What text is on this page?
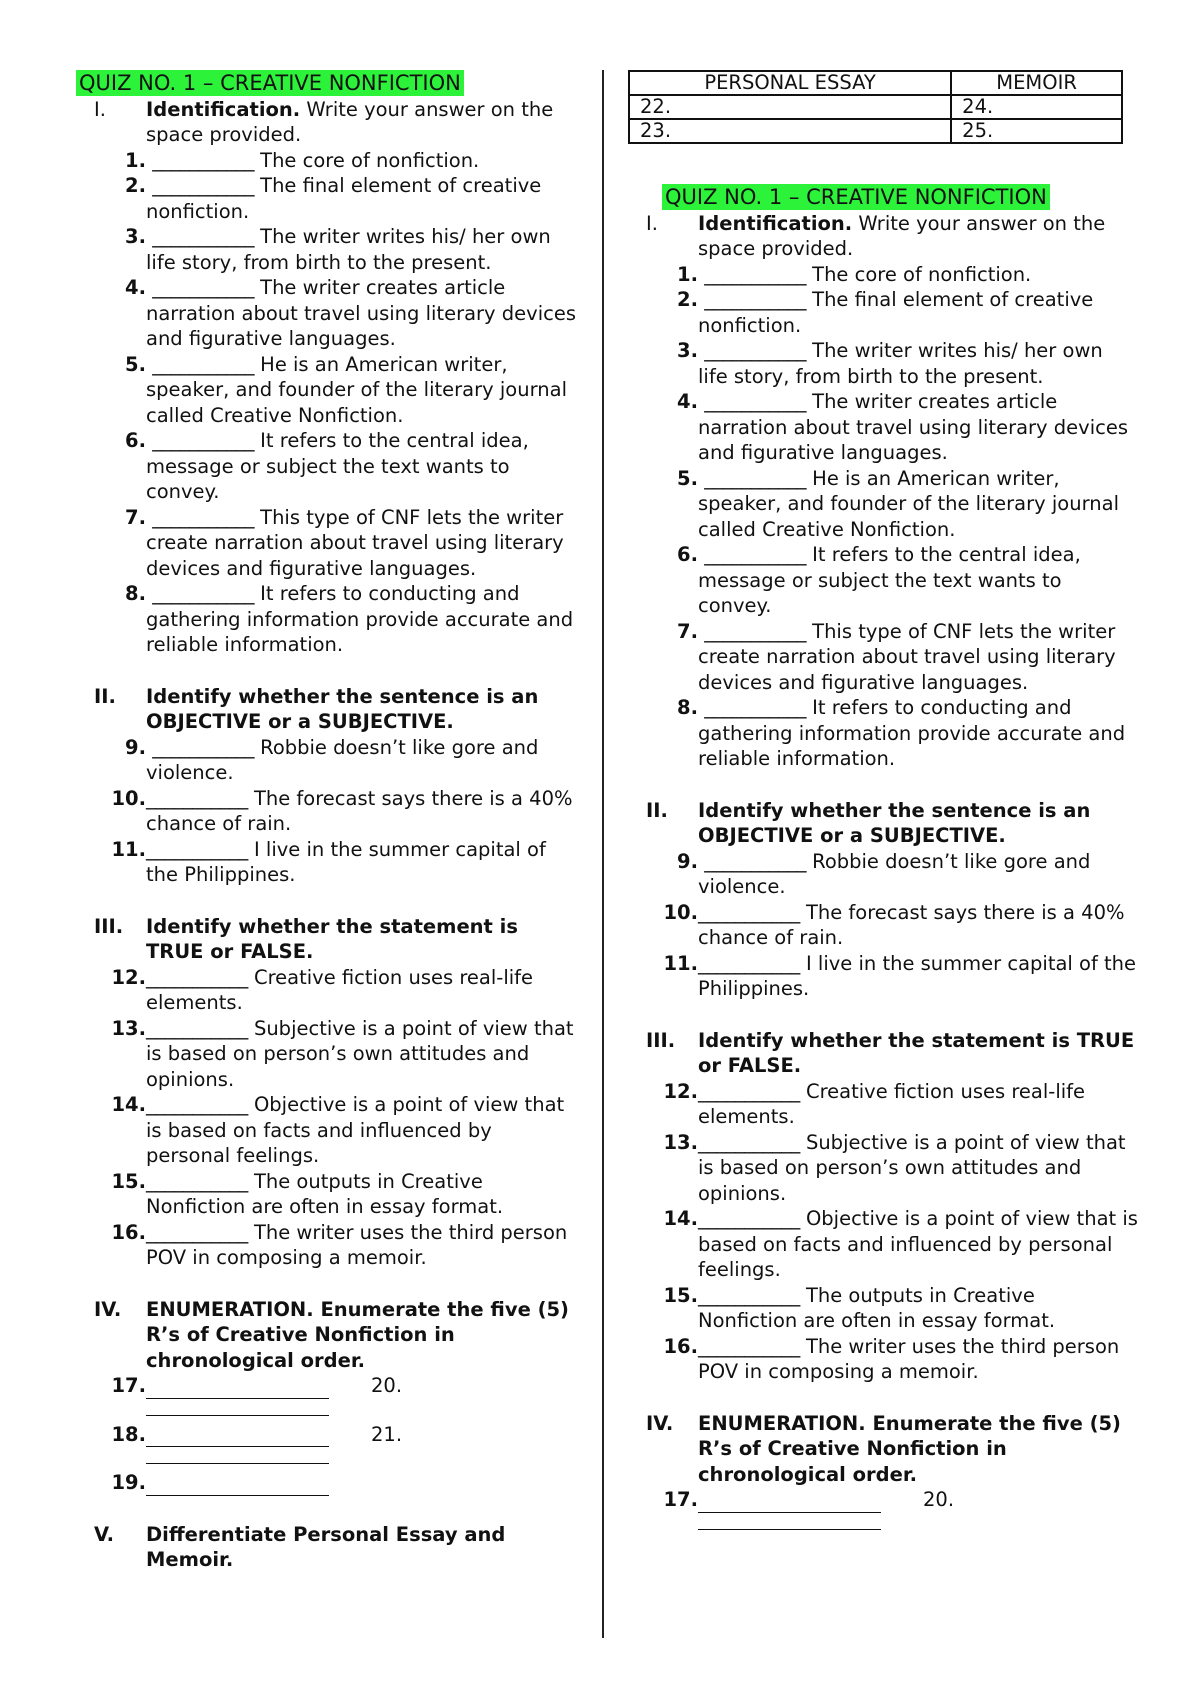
QUIZ NO. 1 – CREATIVE NONFICTION
I.	Identification. Write your answer on the space provided.
1. ___________ The core of nonfiction.
2. ___________ The final element of creative nonfiction.
3. ___________ The writer writes his/ her own life story, from birth to the present.
4. ___________ The writer creates article narration about travel using literary devices and figurative languages.
5. ___________ He is an American writer, speaker, and founder of the literary journal called Creative Nonfiction.
6. ___________ It refers to the central idea, message or subject the text wants to convey.
7. ___________ This type of CNF lets the writer create narration about travel using literary devices and figurative languages.
8. ___________ It refers to conducting and gathering information provide accurate and reliable information.
II.	Identify whether the sentence is an OBJECTIVE or a SUBJECTIVE.
9. ___________ Robbie doesn’t like gore and violence.
10. ___________ The forecast says there is a 40% chance of rain.
11. ___________ I live in the summer capital of the Philippines.
III.	Identify whether the statement is TRUE or FALSE.
12. ___________ Creative fiction uses real-life elements.
13. ___________ Subjective is a point of view that is based on person’s own attitudes and opinions.
14. ___________ Objective is a point of view that is based on facts and influenced by personal feelings.
15. ___________ The outputs in Creative Nonfiction are often in essay format.
16. ___________ The writer uses the third person POV in composing a memoir.
IV.	ENUMERATION. Enumerate the five (5) R’s of Creative Nonfiction in chronological order.
17.	20.
18.	21.
19.
V.	Differentiate Personal Essay and Memoir.
PERSONAL ESSAY	MEMOIR
22.	24.
23.	25.
QUIZ NO. 1 – CREATIVE NONFICTION
I.	Identification. Write your answer on the space provided.
1. ___________ The core of nonfiction.
2. ___________ The final element of creative nonfiction.
3. ___________ The writer writes his/ her own life story, from birth to the present.
4. ___________ The writer creates article narration about travel using literary devices and figurative languages.
5. ___________ He is an American writer, speaker, and founder of the literary journal called Creative Nonfiction.
6. ___________ It refers to the central idea, message or subject the text wants to convey.
7. ___________ This type of CNF lets the writer create narration about travel using literary devices and figurative languages.
8. ___________ It refers to conducting and gathering information provide accurate and reliable information.
II.	Identify whether the sentence is an OBJECTIVE or a SUBJECTIVE.
9. ___________ Robbie doesn’t like gore and violence.
10. ___________ The forecast says there is a 40% chance of rain.
11. ___________ I live in the summer capital of the Philippines.
III.	Identify whether the statement is TRUE or FALSE.
12. ___________ Creative fiction uses real-life elements.
13. ___________ Subjective is a point of view that is based on person’s own attitudes and opinions.
14. ___________ Objective is a point of view that is based on facts and influenced by personal feelings.
15. ___________ The outputs in Creative Nonfiction are often in essay format.
16. ___________ The writer uses the third person POV in composing a memoir.
IV.	ENUMERATION. Enumerate the five (5) R’s of Creative Nonfiction in chronological order.
17.	20.
